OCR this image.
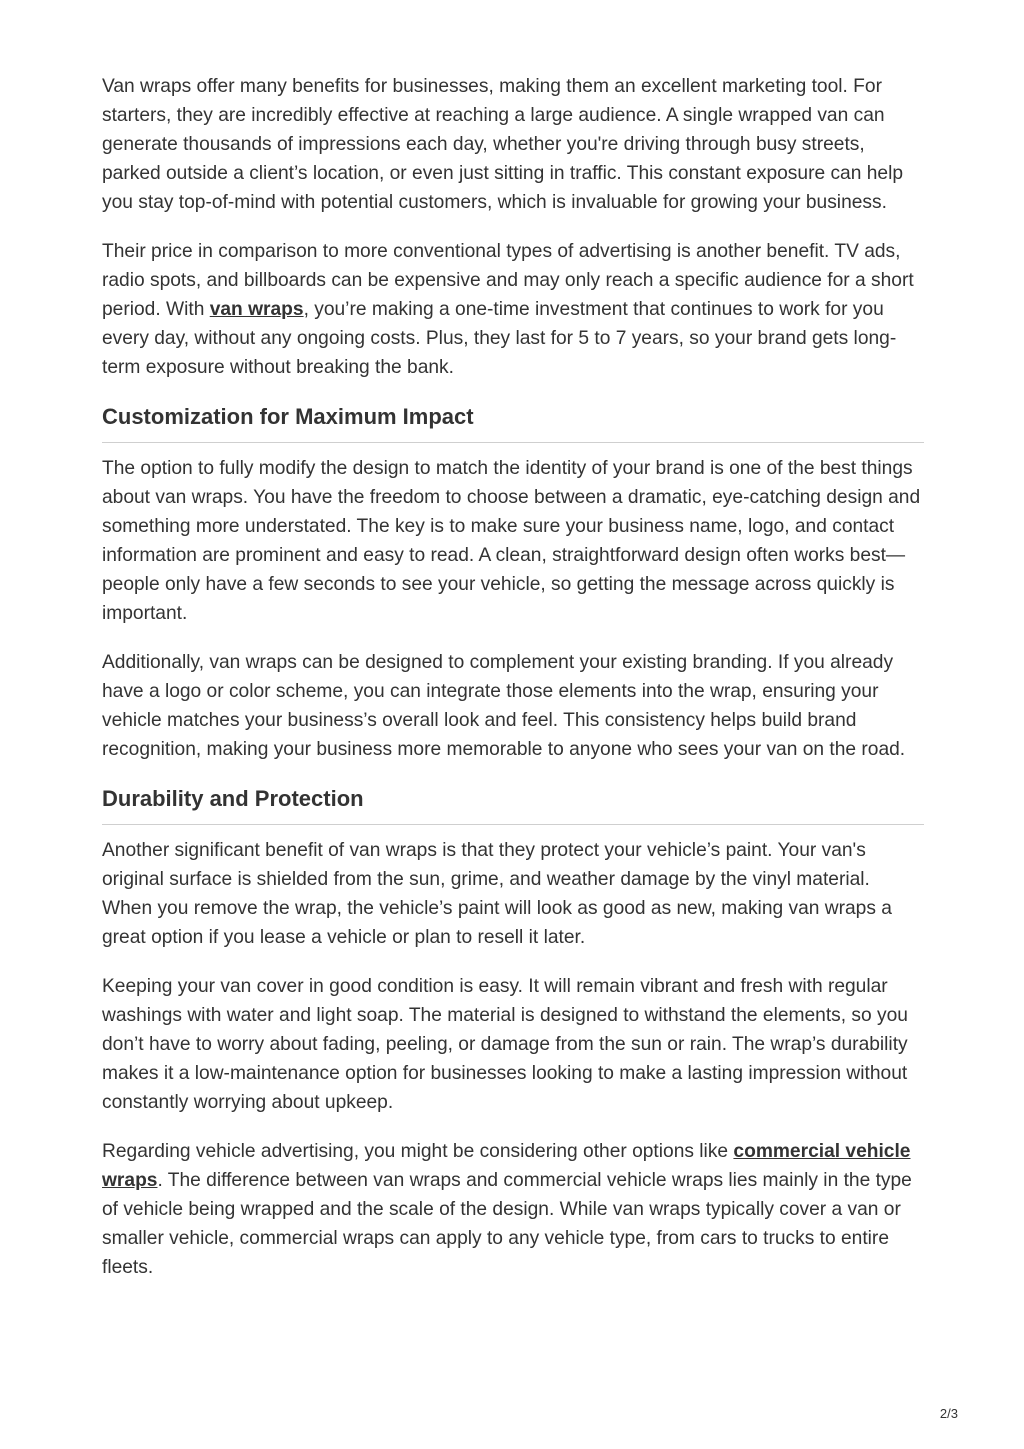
Van wraps offer many benefits for businesses, making them an excellent marketing tool. For starters, they are incredibly effective at reaching a large audience. A single wrapped van can generate thousands of impressions each day, whether you're driving through busy streets, parked outside a client’s location, or even just sitting in traffic. This constant exposure can help you stay top-of-mind with potential customers, which is invaluable for growing your business.

Their price in comparison to more conventional types of advertising is another benefit. TV ads, radio spots, and billboards can be expensive and may only reach a specific audience for a short period. With van wraps, you’re making a one-time investment that continues to work for you every day, without any ongoing costs. Plus, they last for 5 to 7 years, so your brand gets long-term exposure without breaking the bank.

Customization for Maximum Impact

The option to fully modify the design to match the identity of your brand is one of the best things about van wraps. You have the freedom to choose between a dramatic, eye-catching design and something more understated. The key is to make sure your business name, logo, and contact information are prominent and easy to read. A clean, straightforward design often works best—people only have a few seconds to see your vehicle, so getting the message across quickly is important.

Additionally, van wraps can be designed to complement your existing branding. If you already have a logo or color scheme, you can integrate those elements into the wrap, ensuring your vehicle matches your business’s overall look and feel. This consistency helps build brand recognition, making your business more memorable to anyone who sees your van on the road.

Durability and Protection

Another significant benefit of van wraps is that they protect your vehicle’s paint. Your van's original surface is shielded from the sun, grime, and weather damage by the vinyl material. When you remove the wrap, the vehicle’s paint will look as good as new, making van wraps a great option if you lease a vehicle or plan to resell it later.

Keeping your van cover in good condition is easy. It will remain vibrant and fresh with regular washings with water and light soap. The material is designed to withstand the elements, so you don’t have to worry about fading, peeling, or damage from the sun or rain. The wrap’s durability makes it a low-maintenance option for businesses looking to make a lasting impression without constantly worrying about upkeep.

Regarding vehicle advertising, you might be considering other options like commercial vehicle wraps. The difference between van wraps and commercial vehicle wraps lies mainly in the type of vehicle being wrapped and the scale of the design. While van wraps typically cover a van or smaller vehicle, commercial wraps can apply to any vehicle type, from cars to trucks to entire fleets.

2/3
